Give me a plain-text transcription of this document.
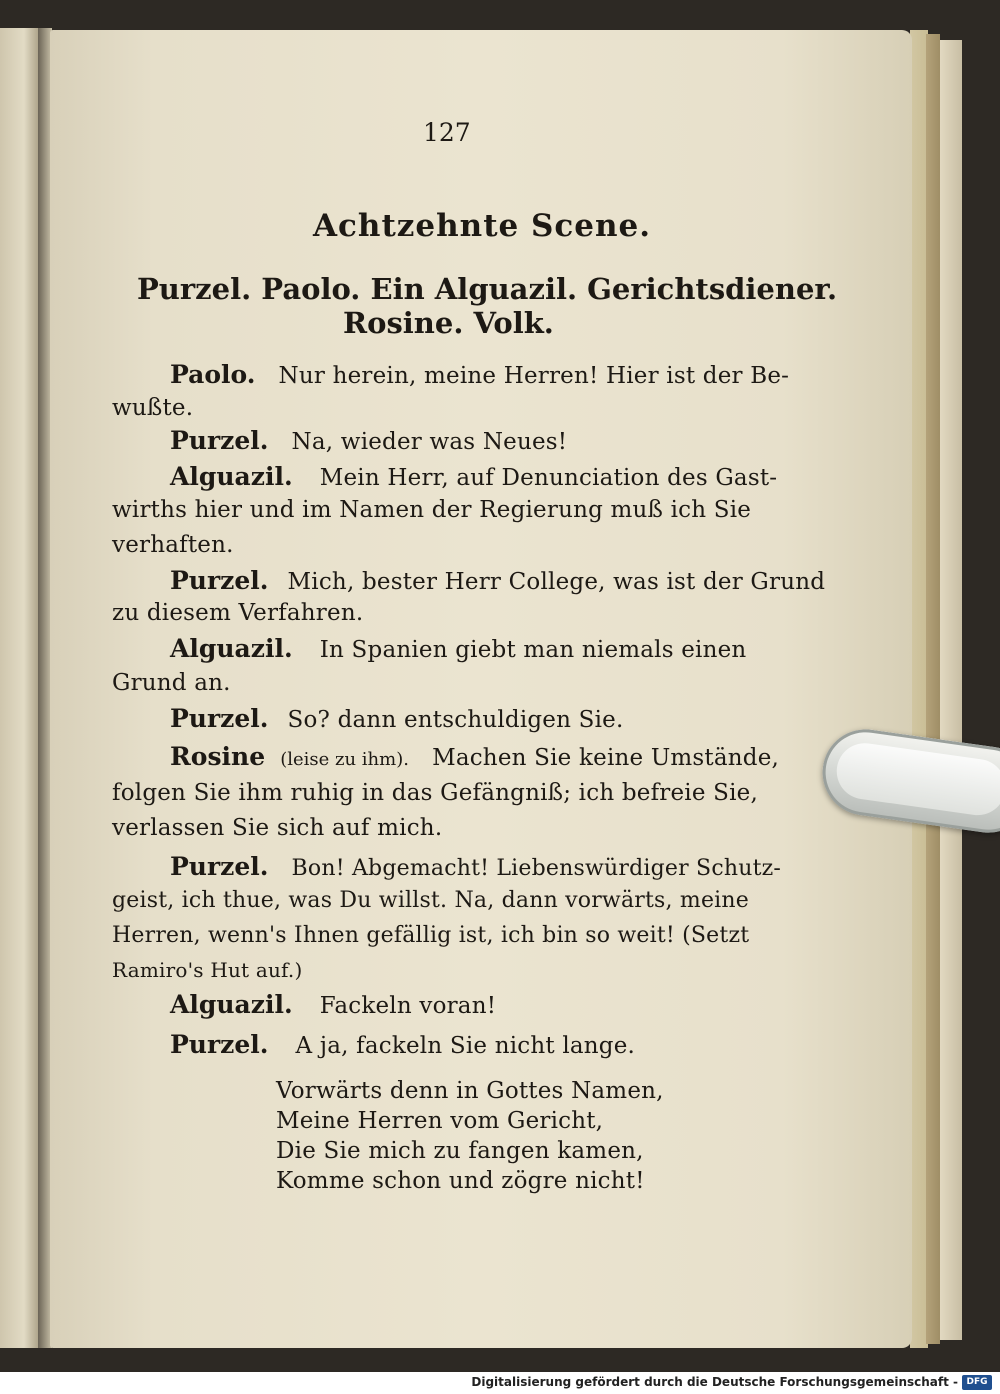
127
Achtzehnte Scene.
Purzel. Paolo. Ein Alguazil. Gerichtsdiener.
Rosine. Volk.
Paolo. Nur herein, meine Herren! Hier ist der Be-
wußte.
Purzel. Na, wieder was Neues!
Alguazil. Mein Herr, auf Denunciation des Gast-
wirths hier und im Namen der Regierung muß ich Sie
verhaften.
Purzel. Mich, bester Herr College, was ist der Grund
zu diesem Verfahren.
Alguazil. In Spanien giebt man niemals einen
Grund an.
Purzel. So? dann entschuldigen Sie.
Rosine (leise zu ihm). Machen Sie keine Umstände,
folgen Sie ihm ruhig in das Gefängniß; ich befreie Sie,
verlassen Sie sich auf mich.
Purzel. Bon! Abgemacht! Liebenswürdiger Schutz-
geist, ich thue, was Du willst. Na, dann vorwärts, meine
Herren, wenn's Ihnen gefällig ist, ich bin so weit! (Setzt
Ramiro's Hut auf.)
Alguazil. Fackeln voran!
Purzel. A ja, fackeln Sie nicht lange.
Vorwärts denn in Gottes Namen,
Meine Herren vom Gericht,
Die Sie mich zu fangen kamen,
Komme schon und zögre nicht!
Digitalisierung gefördert durch die Deutsche Forschungsgemeinschaft - DFG
